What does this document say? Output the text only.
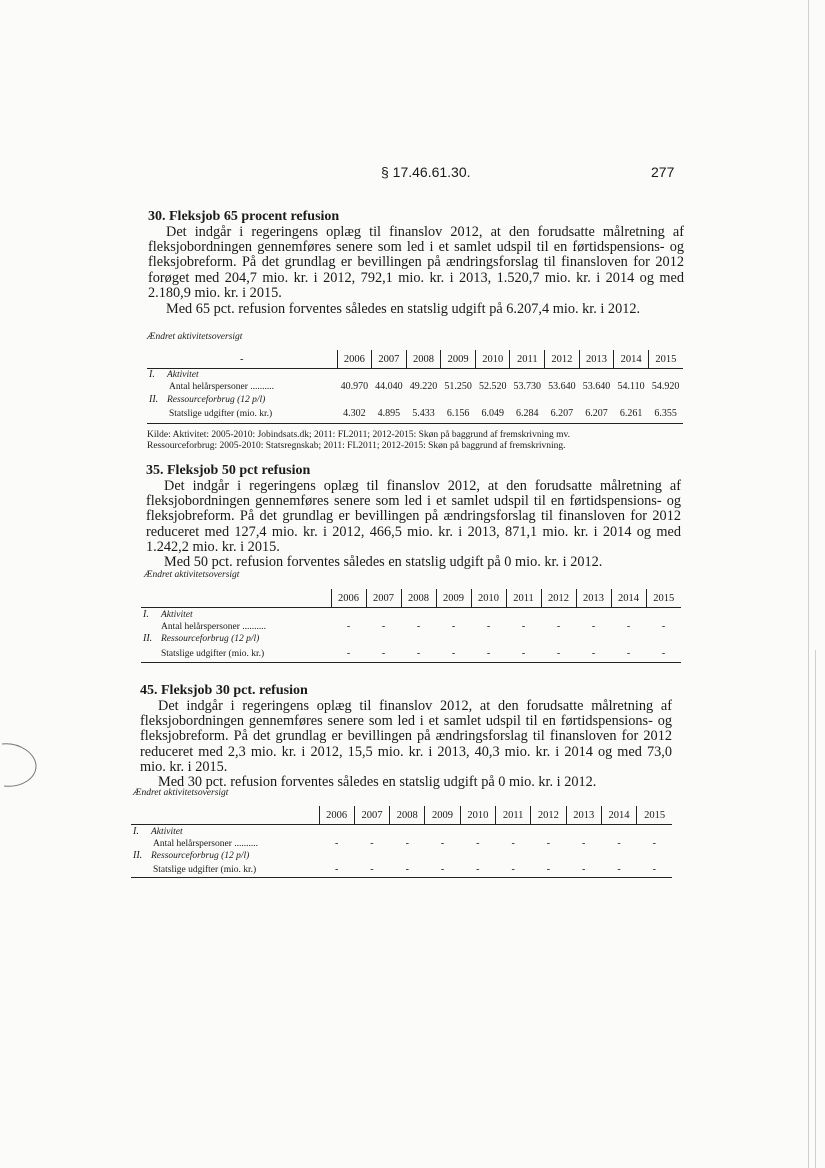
§ 17.46.61.30.	277
30. Fleksjob 65 procent refusion

Det indgår i regeringens oplæg til finanslov 2012, at den forudsatte målretning af fleksjobordningen gennemføres senere som led i et samlet udspil til en førtidspensions- og fleksjobreform. På det grundlag er bevillingen på ændringsforslag til finansloven for 2012 forøget med 204,7 mio. kr. i 2012, 792,1 mio. kr. i 2013, 1.520,7 mio. kr. i 2014 og med 2.180,9 mio. kr. i 2015.

Med 65 pct. refusion forventes således en statslig udgift på 6.207,4 mio. kr. i 2012.

Ændret aktivitetsoversigt
-	2006	2007	2008	2009	2010	2011	2012	2013	2014	2015
I. Aktivitet										
Antal helårspersoner ..........	40.970	44.040	49.220	51.250	52.520	53.730	53.640	53.640	54.110	54.920
II. Ressourceforbrug (12 p/l)										
Statslige udgifter (mio. kr.)	4.302	4.895	5.433	6.156	6.049	6.284	6.207	6.207	6.261	6.355
Kilde: Aktivitet: 2005-2010: Jobindsats.dk; 2011: FL2011; 2012-2015: Skøn på baggrund af fremskrivning mv.
Ressourceforbrug: 2005-2010: Statsregnskab; 2011: FL2011; 2012-2015: Skøn på baggrund af fremskrivning.
35. Fleksjob 50 pct refusion

Det indgår i regeringens oplæg til finanslov 2012, at den forudsatte målretning af fleksjobordningen gennemføres senere som led i et samlet udspil til en førtidspensions- og fleksjobreform. På det grundlag er bevillingen på ændringsforslag til finansloven for 2012 reduceret med 127,4 mio. kr. i 2012, 466,5 mio. kr. i 2013, 871,1 mio. kr. i 2014 og med 1.242,2 mio. kr. i 2015.

Med 50 pct. refusion forventes således en statslig udgift på 0 mio. kr. i 2012.

Ændret aktivitetsoversigt
	2006	2007	2008	2009	2010	2011	2012	2013	2014	2015
I. Aktivitet										
Antal helårspersoner ..........	-	-	-	-	-	-	-	-	-	-
II. Ressourceforbrug (12 p/l)										
Statslige udgifter (mio. kr.)	-	-	-	-	-	-	-	-	-	-
45. Fleksjob 30 pct. refusion

Det indgår i regeringens oplæg til finanslov 2012, at den forudsatte målretning af fleksjobordningen gennemføres senere som led i et samlet udspil til en førtidspensions- og fleksjobreform. På det grundlag er bevillingen på ændringsforslag til finansloven for 2012 reduceret med 2,3 mio. kr. i 2012, 15,5 mio. kr. i 2013, 40,3 mio. kr. i 2014 og med 73,0 mio. kr. i 2015.

Med 30 pct. refusion forventes således en statslig udgift på 0 mio. kr. i 2012.

Ændret aktivitetsoversigt
	2006	2007	2008	2009	2010	2011	2012	2013	2014	2015
I. Aktivitet										
Antal helårspersoner ..........	-	-	-	-	-	-	-	-	-	-
II. Ressourceforbrug (12 p/l)										
Statslige udgifter (mio. kr.)	-	-	-	-	-	-	-	-	-	-
